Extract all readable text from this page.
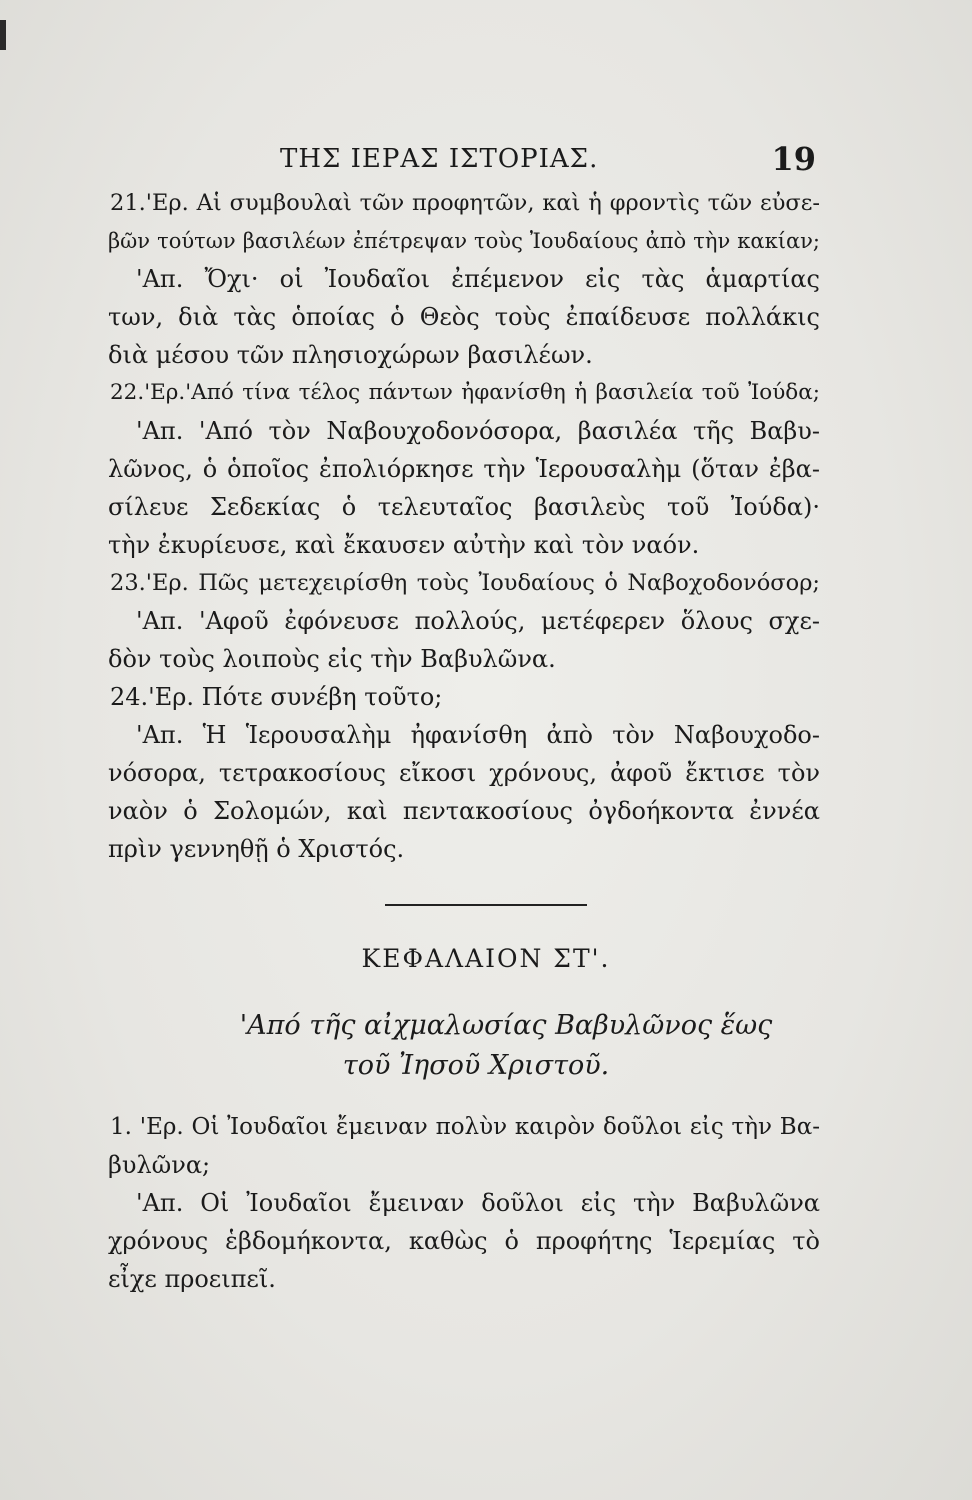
ΤΗΣ ΙΕΡΑΣ ΙΣΤΟΡΙΑΣ.	19
21.'Ερ. Αἱ συμβουλαὶ τῶν προφητῶν, καὶ ἡ φροντὶς τῶν εὐσε-
βῶν τούτων βασιλέων ἐπέτρεψαν τοὺς Ἰουδαίους ἀπὸ τὴν κακίαν;
'Απ. Ὄχι· οἱ Ἰουδαῖοι ἐπέμενον εἰς τὰς ἁμαρτίας
των, διὰ τὰς ὁποίας ὁ Θεὸς τοὺς ἐπαίδευσε πολλάκις
διὰ μέσου τῶν πλησιοχώρων βασιλέων.
22.'Ερ.'Από τίνα τέλος πάντων ἠφανίσθη ἡ βασιλεία τοῦ Ἰούδα;
'Απ. 'Από τὸν Ναβουχοδονόσορα, βασιλέα τῆς Βαβυ-
λῶνος, ὁ ὁποῖος ἐπολιόρκησε τὴν Ἱερουσαλὴμ (ὅταν ἐβα-
σίλευε Σεδεκίας ὁ τελευταῖος βασιλεὺς τοῦ Ἰούδα)·
τὴν ἐκυρίευσε, καὶ ἔκαυσεν αὐτὴν καὶ τὸν ναόν.
23.'Ερ. Πῶς μετεχειρίσθη τοὺς Ἰουδαίους ὁ Ναβοχοδονόσορ;
'Απ. 'Αφοῦ ἐφόνευσε πολλούς, μετέφερεν ὅλους σχε-
δὸν τοὺς λοιποὺς εἰς τὴν Βαβυλῶνα.
24.'Ερ. Πότε συνέβη τοῦτο;
'Απ. Ἡ Ἱερουσαλὴμ ἠφανίσθη ἀπὸ τὸν Ναβουχοδο-
νόσορα, τετρακοσίους εἴκοσι χρόνους, ἀφοῦ ἔκτισε τὸν
ναὸν ὁ Σολομών, καὶ πεντακοσίους ὀγδοήκοντα ἐννέα
πρὶν γεννηθῇ ὁ Χριστός.
ΚΕΦΑΛΑΙΟΝ ΣΤ'.
'Από τῆς αἰχμαλωσίας Βαβυλῶνος ἕως
τοῦ Ἰησοῦ Χριστοῦ.
1. 'Ερ. Οἱ Ἰουδαῖοι ἔμειναν πολὺν καιρὸν δοῦλοι εἰς τὴν Βα-
βυλῶνα;
'Απ. Οἱ Ἰουδαῖοι ἔμειναν δοῦλοι εἰς τὴν Βαβυλῶνα
χρόνους ἑβδομήκοντα, καθὼς ὁ προφήτης Ἱερεμίας τὸ
εἶχε προειπεῖ.
